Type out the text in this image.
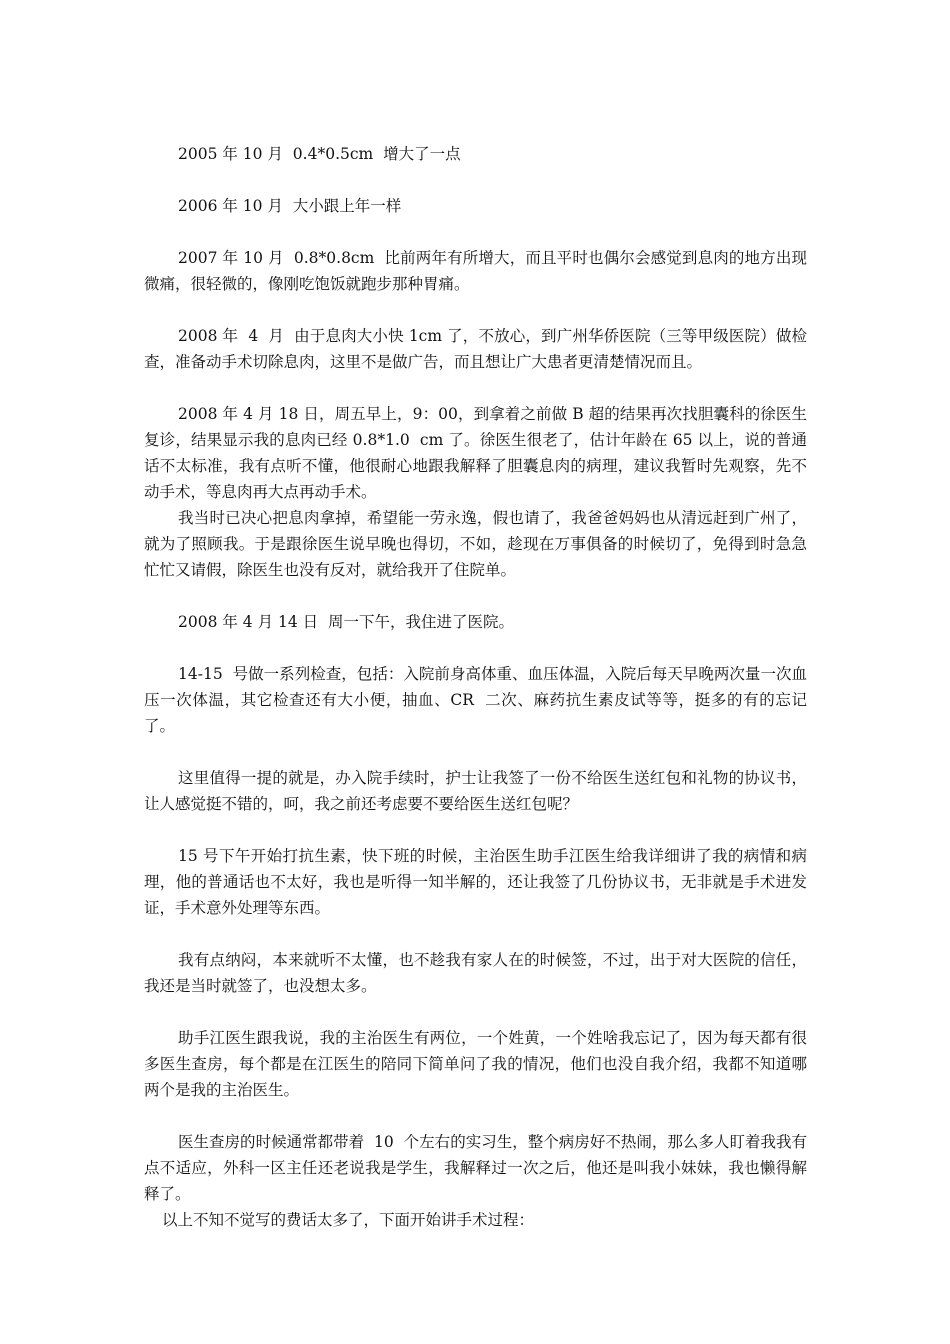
2005 年 10 月  0.4*0.5cm  增大了一点

2006 年 10 月  大小跟上年一样

2007 年 10 月  0.8*0.8cm  比前两年有所增大，而且平时也偶尔会感觉到息肉的地方出现微痛，很轻微的，像刚吃饱饭就跑步那种胃痛。

2008 年  4  月  由于息肉大小快 1cm 了，不放心，到广州华侨医院（三等甲级医院）做检查，准备动手术切除息肉，这里不是做广告，而且想让广大患者更清楚情况而且。

2008 年 4 月 18 日，周五早上，9：00，到拿着之前做 B 超的结果再次找胆囊科的徐医生复诊，结果显示我的息肉已经 0.8*1.0  cm 了。徐医生很老了，估计年龄在 65 以上，说的普通话不太标准，我有点听不懂，他很耐心地跟我解释了胆囊息肉的病理，建议我暂时先观察，先不动手术，等息肉再大点再动手术。

我当时已决心把息肉拿掉，希望能一劳永逸，假也请了，我爸爸妈妈也从清远赶到广州了，就为了照顾我。于是跟徐医生说早晚也得切，不如，趁现在万事俱备的时候切了，免得到时急急忙忙又请假，除医生也没有反对，就给我开了住院单。

2008 年 4 月 14 日  周一下午，我住进了医院。

14-15  号做一系列检查，包括：入院前身高体重、血压体温，入院后每天早晚两次量一次血压一次体温，其它检查还有大小便，抽血、CR  二次、麻药抗生素皮试等等，挺多的有的忘记了。

这里值得一提的就是，办入院手续时，护士让我签了一份不给医生送红包和礼物的协议书，让人感觉挺不错的，呵，我之前还考虑要不要给医生送红包呢？

15 号下午开始打抗生素，快下班的时候，主治医生助手江医生给我详细讲了我的病情和病理，他的普通话也不太好，我也是听得一知半解的，还让我签了几份协议书，无非就是手术进发证，手术意外处理等东西。

我有点纳闷，本来就听不太懂，也不趁我有家人在的时候签，不过，出于对大医院的信任，我还是当时就签了，也没想太多。

助手江医生跟我说，我的主治医生有两位，一个姓黄，一个姓啥我忘记了，因为每天都有很多医生查房，每个都是在江医生的陪同下简单问了我的情况，他们也没自我介绍，我都不知道哪两个是我的主治医生。

医生查房的时候通常都带着  10  个左右的实习生，整个病房好不热闹，那么多人盯着我我有点不适应，外科一区主任还老说我是学生，我解释过一次之后，他还是叫我小妹妹，我也懒得解释了。

以上不知不觉写的费话太多了，下面开始讲手术过程：
